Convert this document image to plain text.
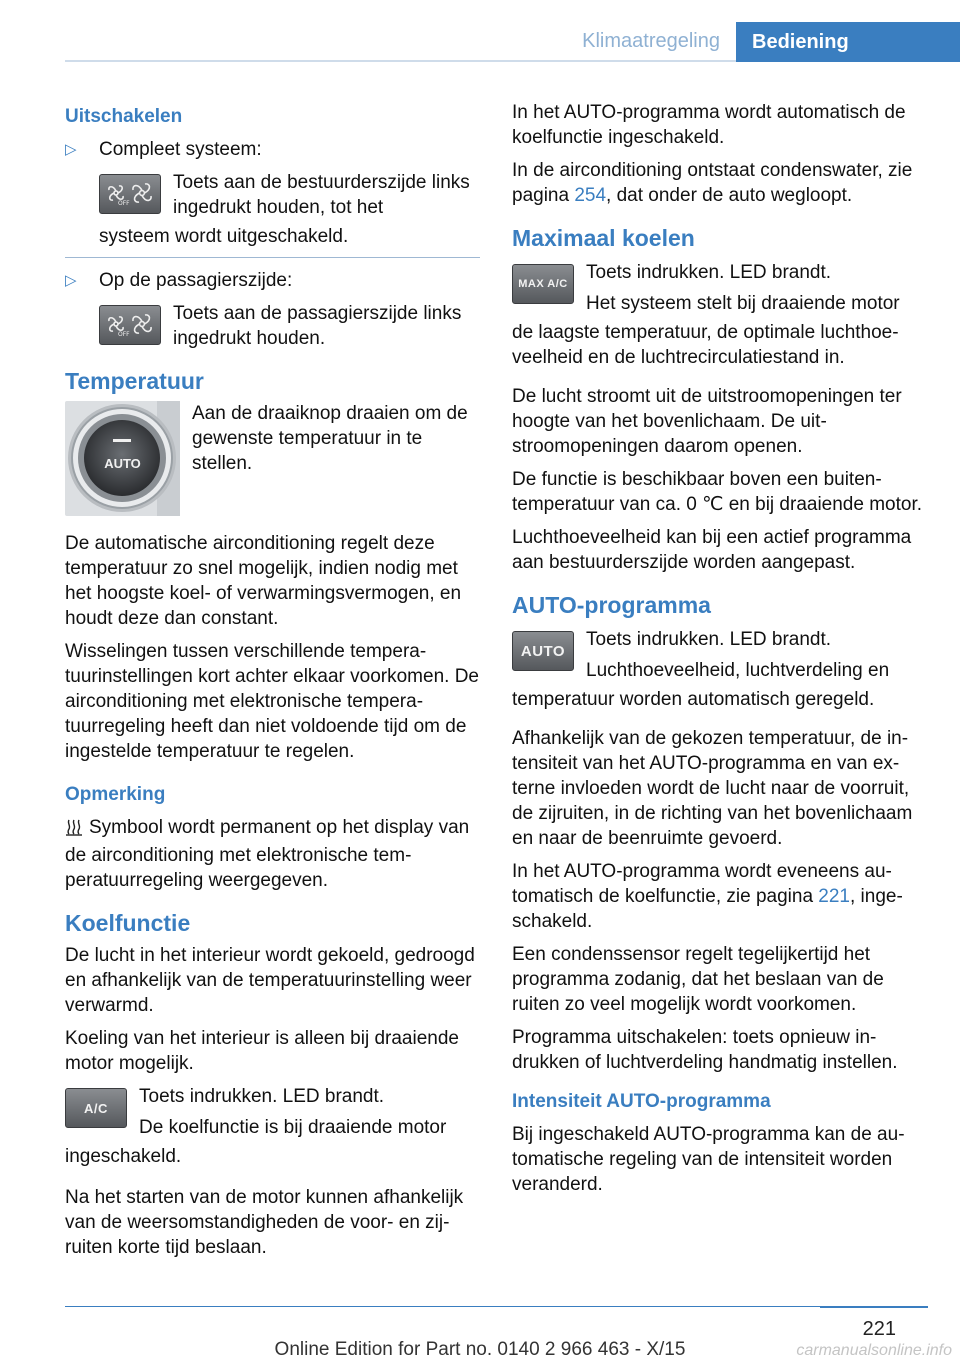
Klimaatregeling Bediening
Uitschakelen
▷ Compleet systeem:
OFF
Toets aan de bestuurderszijde links ingedrukt houden, tot het
systeem wordt uitgeschakeld.
▷ Op de passagierszijde:
OFF
Toets aan de passagierszijde links ingedrukt houden.
Temperatuur
AUTO
Aan de draaiknop draaien om de gewenste temperatuur in te stellen.

De automatische airconditioning regelt deze temperatuur zo snel mogelijk, indien nodig met het hoogste koel- of verwarmingsvermogen, en houdt deze dan constant.

Wisselingen tussen verschillende temperatuurinstellingen kort achter elkaar voorkomen. De airconditioning met elektronische temperatuurregeling heeft dan niet voldoende tijd om de ingestelde temperatuur te regelen.

Opmerking

Symbool wordt permanent op het display van de airconditioning met elektronische temperatuurregeling weergegeven.

Koelfunctie

De lucht in het interieur wordt gekoeld, gedroogd en afhankelijk van de temperatuurinstelling weer verwarmd.

Koeling van het interieur is alleen bij draaiende motor mogelijk.

A/C
Toets indrukken. LED brandt.
De koelfunctie is bij draaiende motor

ingeschakeld.

Na het starten van de motor kunnen afhankelijk van de weersomstandigheden de voor- en zijruiten korte tijd beslaan.

In het AUTO-programma wordt automatisch de koelfunctie ingeschakeld.

In de airconditioning ontstaat condenswater, zie pagina 254, dat onder de auto wegloopt.

Maximaal koelen
MAX A/C
Toets indrukken. LED brandt.
Het systeem stelt bij draaiende motor

de laagste temperatuur, de optimale luchthoeveelheid en de luchtrecirculatiestand in.

De lucht stroomt uit de uitstroomopeningen ter hoogte van het bovenlichaam. De uitstroomopeningen daarom openen.

De functie is beschikbaar boven een buitentemperatuur van ca. 0 ℃ en bij draaiende motor.

Luchthoeveelheid kan bij een actief programma aan bestuurderszijde worden aangepast.

AUTO-programma
AUTO
Toets indrukken. LED brandt.
Luchthoeveelheid, luchtverdeling en

temperatuur worden automatisch geregeld.

Afhankelijk van de gekozen temperatuur, de intensiteit van het AUTO-programma en van externe invloeden wordt de lucht naar de voorruit, de zijruiten, in de richting van het bovenlichaam en naar de beenruimte gevoerd.

In het AUTO-programma wordt eveneens automatisch de koelfunctie, zie pagina 221, ingeschakeld.

Een condenssensor regelt tegelijkertijd het programma zodanig, dat het beslaan van de ruiten zo veel mogelijk wordt voorkomen.

Programma uitschakelen: toets opnieuw indrukken of luchtverdeling handmatig instellen.

Intensiteit AUTO-programma

Bij ingeschakeld AUTO-programma kan de automatische regeling van de intensiteit worden veranderd.

221
Online Edition for Part no. 0140 2 966 463 - X/15	carmanualsonline.info
